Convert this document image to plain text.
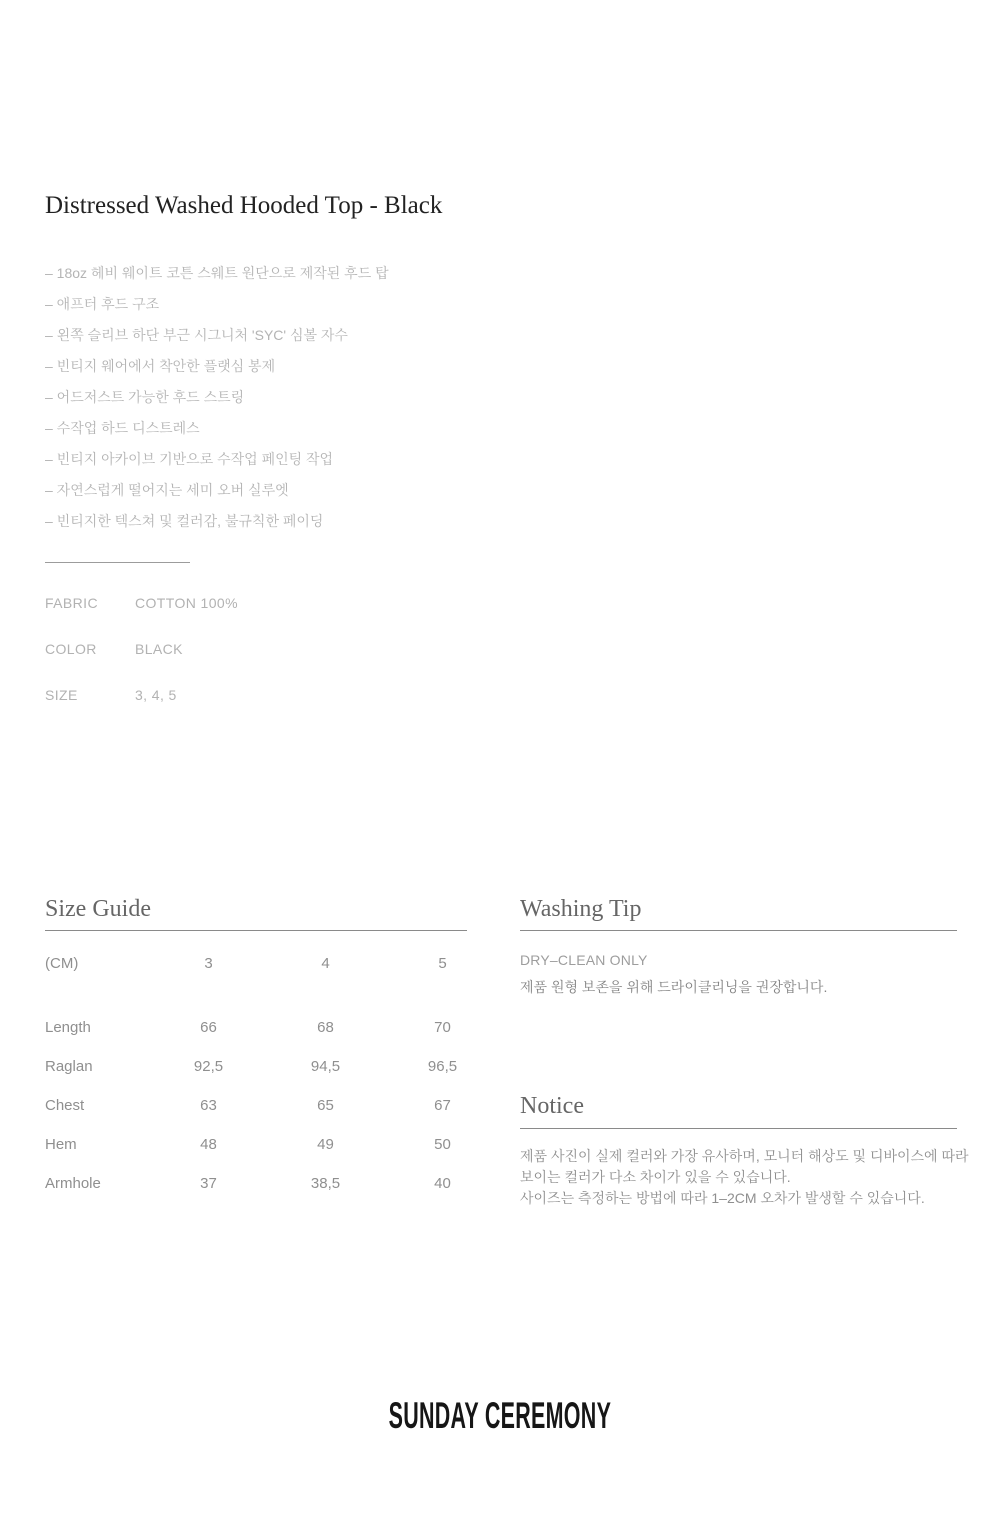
Distressed Washed Hooded Top - Black
– 18oz 헤비 웨이트 코튼 스웨트 원단으로 제작된 후드 탑
– 애프터 후드 구조
– 왼쪽 슬리브 하단 부근 시그니처 'SYC' 심볼 자수
– 빈티지 웨어에서 착안한 플랫심 봉제
– 어드저스트 가능한 후드 스트링
– 수작업 하드 디스트레스
– 빈티지 아카이브 기반으로 수작업 페인팅 작업
– 자연스럽게 떨어지는 세미 오버 실루엣
– 빈티지한 텍스쳐 및 컬러감, 불규칙한 페이딩
FABRIC	COTTON 100%
COLOR	BLACK
SIZE	3, 4, 5
Size Guide
(CM)	3	4	5
Length	66	68	70
Raglan	92,5	94,5	96,5
Chest	63	65	67
Hem	48	49	50
Armhole	37	38,5	40
Washing Tip

DRY–CLEAN ONLY

제품 원형 보존을 위해 드라이클리닝을 권장합니다.

Notice

제품 사진이 실제 컬러와 가장 유사하며, 모니터 해상도 및 디바이스에 따라 보이는 컬러가 다소 차이가 있을 수 있습니다.

사이즈는 측정하는 방법에 따라 1–2CM 오차가 발생할 수 있습니다.

SUNDAY CEREMONY
